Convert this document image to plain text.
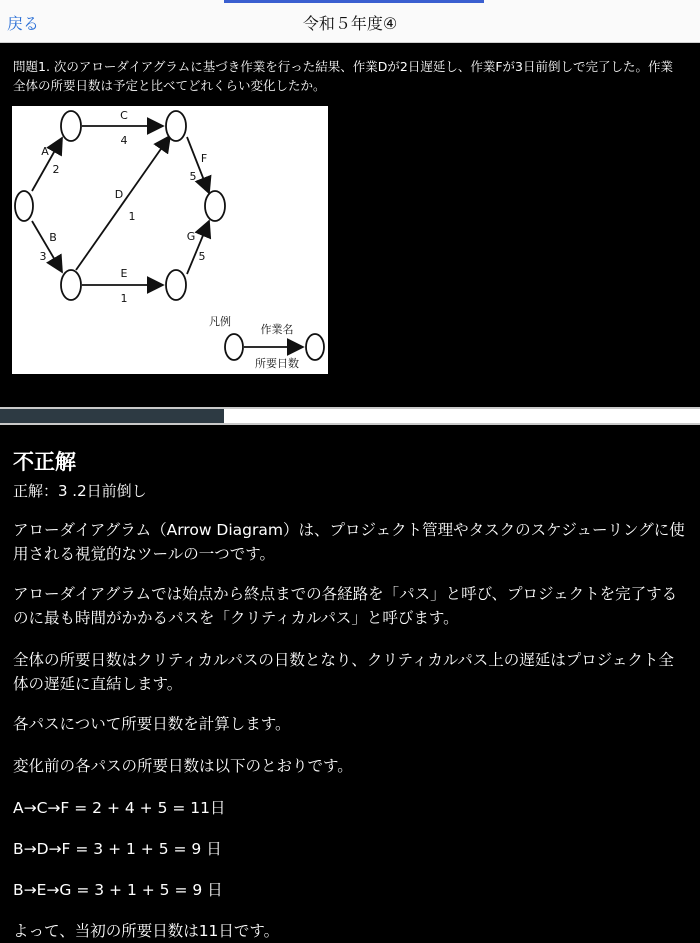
戻る	令和５年度④
問題1. 次のアローダイアグラムに基づき作業を行った結果、作業Dが2日遅延し、作業Fが3日前倒しで完了した。作業全体の所要日数は予定と比べてどれくらい変化したか。
A
2
B
3
C
4
D
1
E
1
F
5
G
5
凡例
作業名
所要日数
不正解
正解：3 .2日前倒し

アローダイアグラム（Arrow Diagram）は、プロジェクト管理やタスクのスケジューリングに使用される視覚的なツールの一つです。

アローダイアグラムでは始点から終点までの各経路を「パス」と呼び、プロジェクトを完了するのに最も時間がかかるパスを「クリティカルパス」と呼びます。

全体の所要日数はクリティカルパスの日数となり、クリティカルパス上の遅延はプロジェクト全体の遅延に直結します。

各パスについて所要日数を計算します。

変化前の各パスの所要日数は以下のとおりです。

A→C→F = 2 + 4 + 5 = 11日

B→D→F = 3 + 1 + 5 = 9 日

B→E→G = 3 + 1 + 5 = 9 日

よって、当初の所要日数は11日です。
